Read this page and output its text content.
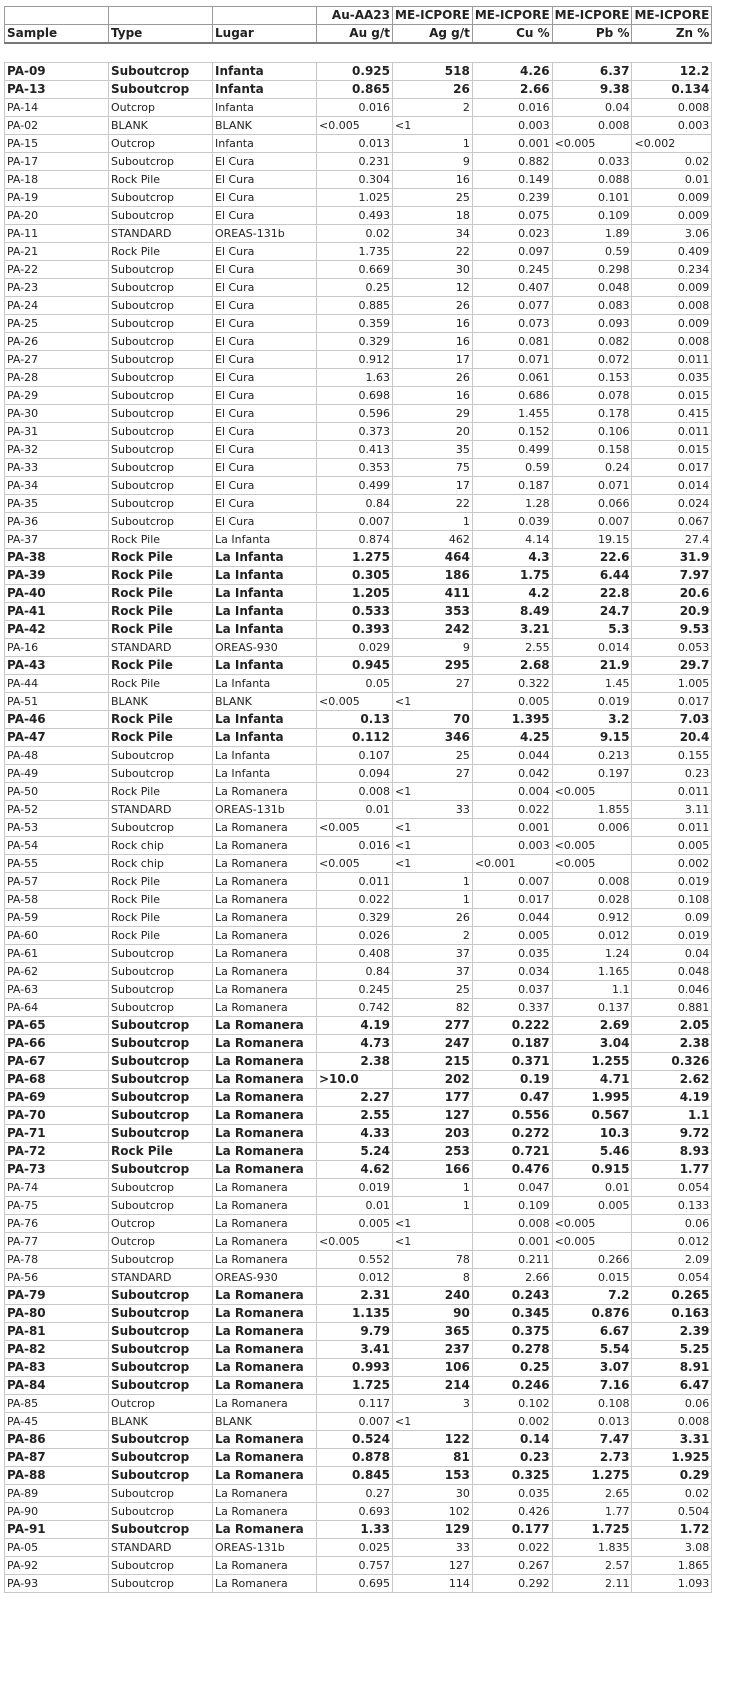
			Au-AA23	ME-ICPORE	ME-ICPORE	ME-ICPORE	ME-ICPORE
Sample	Type	Lugar	Au g/t	Ag g/t	Cu %	Pb %	Zn %

PA-09	Suboutcrop	Infanta	0.925	518	4.26	6.37	12.2
PA-13	Suboutcrop	Infanta	0.865	26	2.66	9.38	0.134
PA-14	Outcrop	Infanta	0.016	2	0.016	0.04	0.008
PA-02	BLANK	BLANK	<0.005	<1	0.003	0.008	0.003
PA-15	Outcrop	Infanta	0.013	1	0.001	<0.005	<0.002
PA-17	Suboutcrop	El Cura	0.231	9	0.882	0.033	0.02
PA-18	Rock Pile	El Cura	0.304	16	0.149	0.088	0.01
PA-19	Suboutcrop	El Cura	1.025	25	0.239	0.101	0.009
PA-20	Suboutcrop	El Cura	0.493	18	0.075	0.109	0.009
PA-11	STANDARD	OREAS-131b	0.02	34	0.023	1.89	3.06
PA-21	Rock Pile	El Cura	1.735	22	0.097	0.59	0.409
PA-22	Suboutcrop	El Cura	0.669	30	0.245	0.298	0.234
PA-23	Suboutcrop	El Cura	0.25	12	0.407	0.048	0.009
PA-24	Suboutcrop	El Cura	0.885	26	0.077	0.083	0.008
PA-25	Suboutcrop	El Cura	0.359	16	0.073	0.093	0.009
PA-26	Suboutcrop	El Cura	0.329	16	0.081	0.082	0.008
PA-27	Suboutcrop	El Cura	0.912	17	0.071	0.072	0.011
PA-28	Suboutcrop	El Cura	1.63	26	0.061	0.153	0.035
PA-29	Suboutcrop	El Cura	0.698	16	0.686	0.078	0.015
PA-30	Suboutcrop	El Cura	0.596	29	1.455	0.178	0.415
PA-31	Suboutcrop	El Cura	0.373	20	0.152	0.106	0.011
PA-32	Suboutcrop	El Cura	0.413	35	0.499	0.158	0.015
PA-33	Suboutcrop	El Cura	0.353	75	0.59	0.24	0.017
PA-34	Suboutcrop	El Cura	0.499	17	0.187	0.071	0.014
PA-35	Suboutcrop	El Cura	0.84	22	1.28	0.066	0.024
PA-36	Suboutcrop	El Cura	0.007	1	0.039	0.007	0.067
PA-37	Rock Pile	La Infanta	0.874	462	4.14	19.15	27.4
PA-38	Rock Pile	La Infanta	1.275	464	4.3	22.6	31.9
PA-39	Rock Pile	La Infanta	0.305	186	1.75	6.44	7.97
PA-40	Rock Pile	La Infanta	1.205	411	4.2	22.8	20.6
PA-41	Rock Pile	La Infanta	0.533	353	8.49	24.7	20.9
PA-42	Rock Pile	La Infanta	0.393	242	3.21	5.3	9.53
PA-16	STANDARD	OREAS-930	0.029	9	2.55	0.014	0.053
PA-43	Rock Pile	La Infanta	0.945	295	2.68	21.9	29.7
PA-44	Rock Pile	La Infanta	0.05	27	0.322	1.45	1.005
PA-51	BLANK	BLANK	<0.005	<1	0.005	0.019	0.017
PA-46	Rock Pile	La Infanta	0.13	70	1.395	3.2	7.03
PA-47	Rock Pile	La Infanta	0.112	346	4.25	9.15	20.4
PA-48	Suboutcrop	La Infanta	0.107	25	0.044	0.213	0.155
PA-49	Suboutcrop	La Infanta	0.094	27	0.042	0.197	0.23
PA-50	Rock Pile	La Romanera	0.008	<1	0.004	<0.005	0.011
PA-52	STANDARD	OREAS-131b	0.01	33	0.022	1.855	3.11
PA-53	Suboutcrop	La Romanera	<0.005	<1	0.001	0.006	0.011
PA-54	Rock chip	La Romanera	0.016	<1	0.003	<0.005	0.005
PA-55	Rock chip	La Romanera	<0.005	<1	<0.001	<0.005	0.002
PA-57	Rock Pile	La Romanera	0.011	1	0.007	0.008	0.019
PA-58	Rock Pile	La Romanera	0.022	1	0.017	0.028	0.108
PA-59	Rock Pile	La Romanera	0.329	26	0.044	0.912	0.09
PA-60	Rock Pile	La Romanera	0.026	2	0.005	0.012	0.019
PA-61	Suboutcrop	La Romanera	0.408	37	0.035	1.24	0.04
PA-62	Suboutcrop	La Romanera	0.84	37	0.034	1.165	0.048
PA-63	Suboutcrop	La Romanera	0.245	25	0.037	1.1	0.046
PA-64	Suboutcrop	La Romanera	0.742	82	0.337	0.137	0.881
PA-65	Suboutcrop	La Romanera	4.19	277	0.222	2.69	2.05
PA-66	Suboutcrop	La Romanera	4.73	247	0.187	3.04	2.38
PA-67	Suboutcrop	La Romanera	2.38	215	0.371	1.255	0.326
PA-68	Suboutcrop	La Romanera	>10.0	202	0.19	4.71	2.62
PA-69	Suboutcrop	La Romanera	2.27	177	0.47	1.995	4.19
PA-70	Suboutcrop	La Romanera	2.55	127	0.556	0.567	1.1
PA-71	Suboutcrop	La Romanera	4.33	203	0.272	10.3	9.72
PA-72	Rock Pile	La Romanera	5.24	253	0.721	5.46	8.93
PA-73	Suboutcrop	La Romanera	4.62	166	0.476	0.915	1.77
PA-74	Suboutcrop	La Romanera	0.019	1	0.047	0.01	0.054
PA-75	Suboutcrop	La Romanera	0.01	1	0.109	0.005	0.133
PA-76	Outcrop	La Romanera	0.005	<1	0.008	<0.005	0.06
PA-77	Outcrop	La Romanera	<0.005	<1	0.001	<0.005	0.012
PA-78	Suboutcrop	La Romanera	0.552	78	0.211	0.266	2.09
PA-56	STANDARD	OREAS-930	0.012	8	2.66	0.015	0.054
PA-79	Suboutcrop	La Romanera	2.31	240	0.243	7.2	0.265
PA-80	Suboutcrop	La Romanera	1.135	90	0.345	0.876	0.163
PA-81	Suboutcrop	La Romanera	9.79	365	0.375	6.67	2.39
PA-82	Suboutcrop	La Romanera	3.41	237	0.278	5.54	5.25
PA-83	Suboutcrop	La Romanera	0.993	106	0.25	3.07	8.91
PA-84	Suboutcrop	La Romanera	1.725	214	0.246	7.16	6.47
PA-85	Outcrop	La Romanera	0.117	3	0.102	0.108	0.06
PA-45	BLANK	BLANK	0.007	<1	0.002	0.013	0.008
PA-86	Suboutcrop	La Romanera	0.524	122	0.14	7.47	3.31
PA-87	Suboutcrop	La Romanera	0.878	81	0.23	2.73	1.925
PA-88	Suboutcrop	La Romanera	0.845	153	0.325	1.275	0.29
PA-89	Suboutcrop	La Romanera	0.27	30	0.035	2.65	0.02
PA-90	Suboutcrop	La Romanera	0.693	102	0.426	1.77	0.504
PA-91	Suboutcrop	La Romanera	1.33	129	0.177	1.725	1.72
PA-05	STANDARD	OREAS-131b	0.025	33	0.022	1.835	3.08
PA-92	Suboutcrop	La Romanera	0.757	127	0.267	2.57	1.865
PA-93	Suboutcrop	La Romanera	0.695	114	0.292	2.11	1.093
